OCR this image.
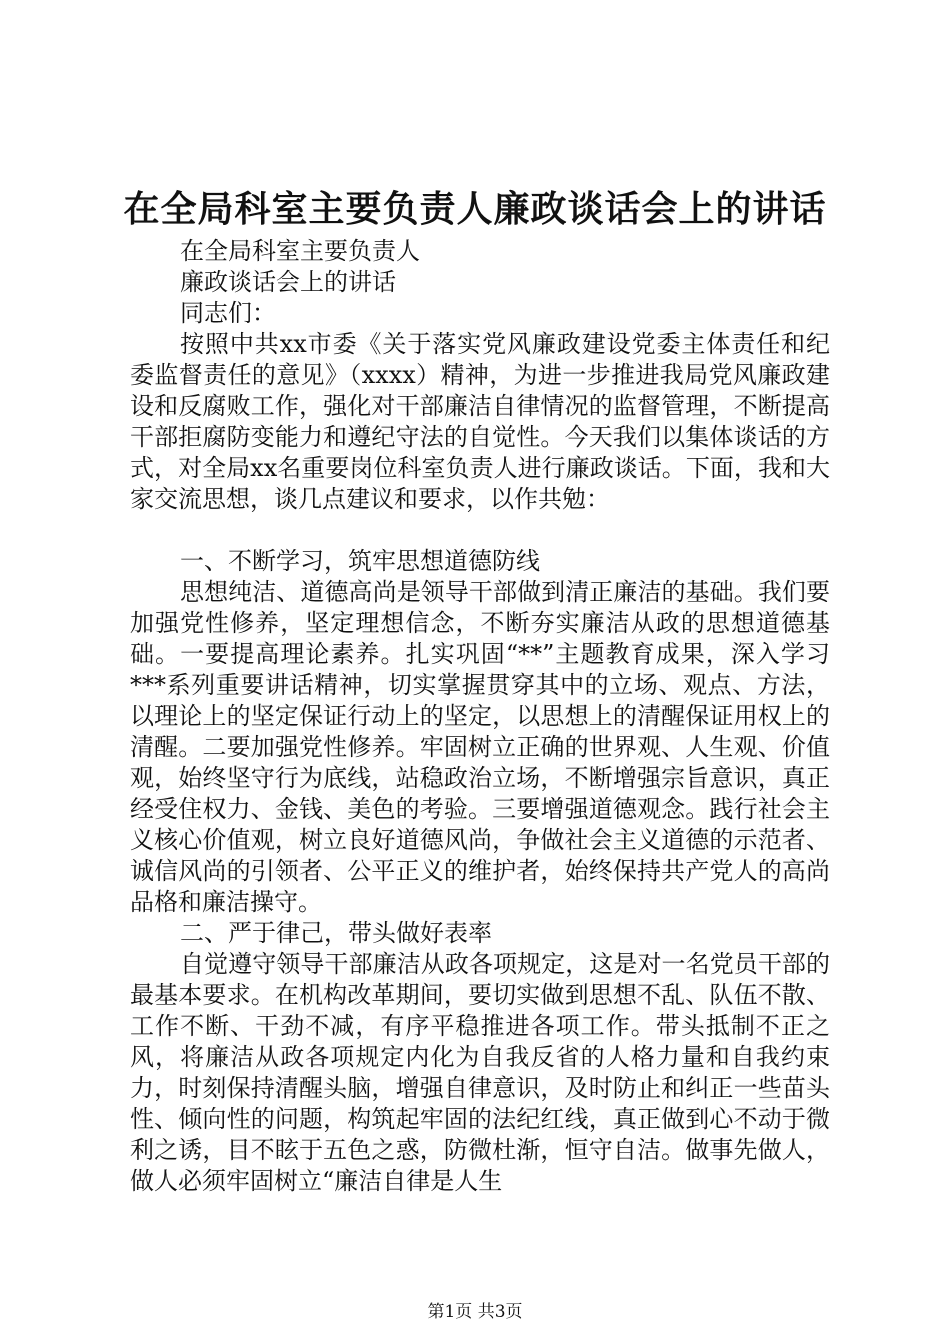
在全局科室主要负责人廉政谈话会上的讲话

在全局科室主要负责人

廉政谈话会上的讲话

同志们：

按照中共xx市委《关于落实党风廉政建设党委主体责任和纪委监督责任的意见》（xxxx）精神，为进一步推进我局党风廉政建设和反腐败工作，强化对干部廉洁自律情况的监督管理，不断提高干部拒腐防变能力和遵纪守法的自觉性。今天我们以集体谈话的方式，对全局xx名重要岗位科室负责人进行廉政谈话。下面，我和大家交流思想，谈几点建议和要求，以作共勉：

一、不断学习，筑牢思想道德防线

思想纯洁、道德高尚是领导干部做到清正廉洁的基础。我们要加强党性修养，坚定理想信念，不断夯实廉洁从政的思想道德基础。一要提高理论素养。扎实巩固“**”主题教育成果，深入学习***系列重要讲话精神，切实掌握贯穿其中的立场、观点、方法，以理论上的坚定保证行动上的坚定，以思想上的清醒保证用权上的清醒。二要加强党性修养。牢固树立正确的世界观、人生观、价值观，始终坚守行为底线，站稳政治立场，不断增强宗旨意识，真正经受住权力、金钱、美色的考验。三要增强道德观念。践行社会主义核心价值观，树立良好道德风尚，争做社会主义道德的示范者、诚信风尚的引领者、公平正义的维护者，始终保持共产党人的高尚品格和廉洁操守。

二、严于律己，带头做好表率

自觉遵守领导干部廉洁从政各项规定，这是对一名党员干部的最基本要求。在机构改革期间，要切实做到思想不乱、队伍不散、工作不断、干劲不减，有序平稳推进各项工作。带头抵制不正之风，将廉洁从政各项规定内化为自我反省的人格力量和自我约束力，时刻保持清醒头脑，增强自律意识，及时防止和纠正一些苗头性、倾向性的问题，构筑起牢固的法纪红线，真正做到心不动于微利之诱，目不眩于五色之惑，防微杜渐，恒守自洁。做事先做人，做人必须牢固树立“廉洁自律是人生

第1页 共3页
